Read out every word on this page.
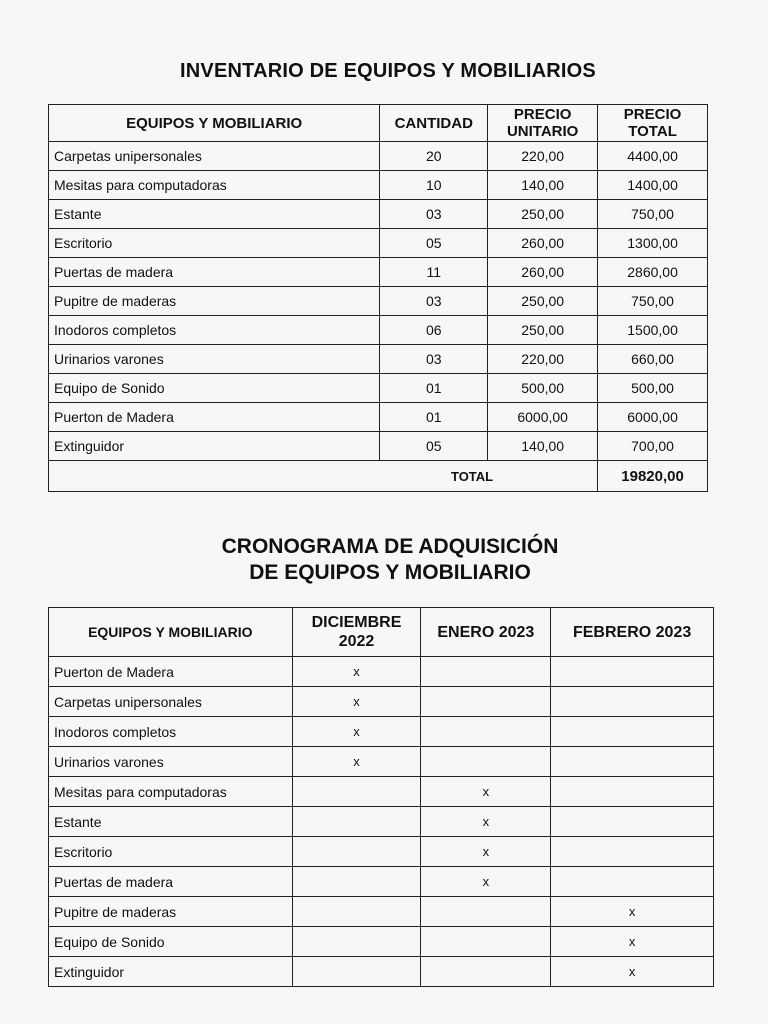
INVENTARIO DE EQUIPOS Y MOBILIARIOS
EQUIPOS Y MOBILIARIO	CANTIDAD	PRECIO UNITARIO	PRECIO TOTAL
Carpetas unipersonales	20	220,00	4400,00
Mesitas para computadoras	10	140,00	1400,00
Estante	03	250,00	750,00
Escritorio	05	260,00	1300,00
Puertas de madera	11	260,00	2860,00
Pupitre de maderas	03	250,00	750,00
Inodoros completos	06	250,00	1500,00
Urinarios varones	03	220,00	660,00
Equipo de Sonido	01	500,00	500,00
Puerton de Madera	01	6000,00	6000,00
Extinguidor	05	140,00	700,00
TOTAL			19820,00
CRONOGRAMA DE ADQUISICIÓN
DE EQUIPOS Y MOBILIARIO
EQUIPOS Y MOBILIARIO	DICIEMBRE 2022	ENERO 2023	FEBRERO 2023
Puerton de Madera	x		
Carpetas unipersonales	x		
Inodoros completos	x		
Urinarios varones	x		
Mesitas para computadoras		x	
Estante		x	
Escritorio		x	
Puertas de madera		x	
Pupitre de maderas			x
Equipo de Sonido			x
Extinguidor			x
